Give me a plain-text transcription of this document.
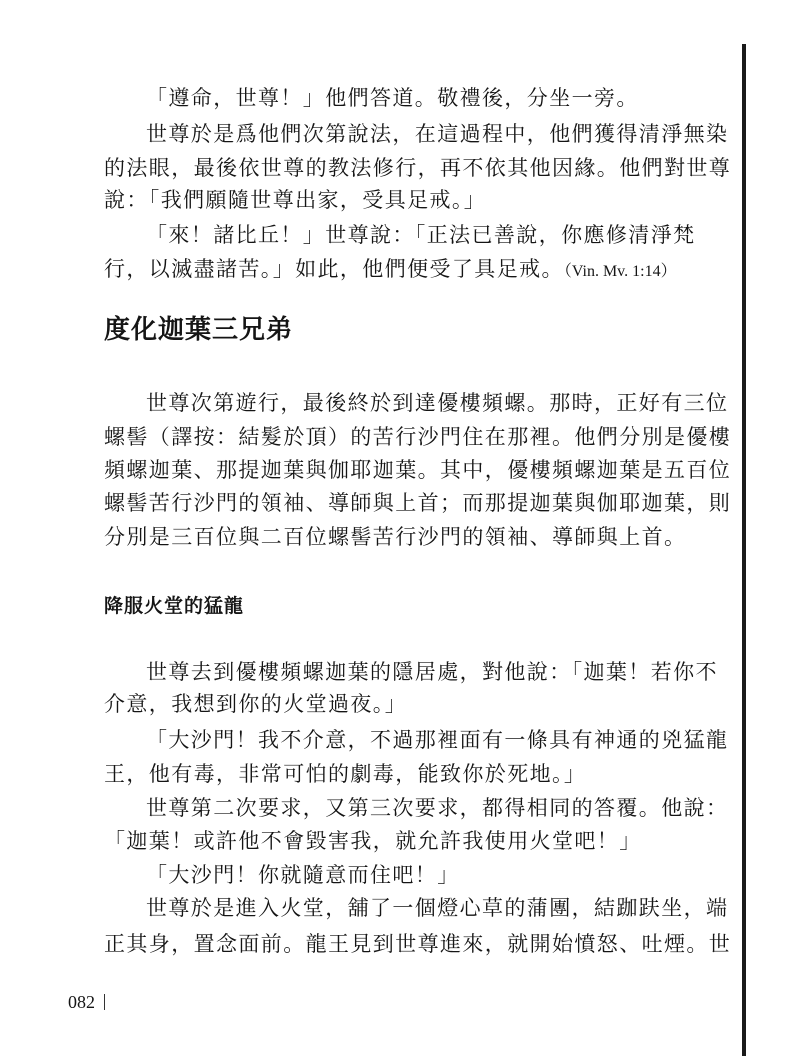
「遵命，世尊！」他們答道。敬禮後，分坐一旁。
世尊於是爲他們次第說法，在這過程中，他們獲得清淨無染
的法眼，最後依世尊的教法修行，再不依其他因緣。他們對世尊
說：「我們願隨世尊出家，受具足戒。」
「來！諸比丘！」世尊說：「正法已善說，你應修清淨梵
行，以滅盡諸苦。」如此，他們便受了具足戒。（Vin. Mv. 1:14）
度化迦葉三兄弟
世尊次第遊行，最後終於到達優樓頻螺。那時，正好有三位
螺髻（譯按：結髮於頂）的苦行沙門住在那裡。他們分別是優樓
頻螺迦葉、那提迦葉與伽耶迦葉。其中，優樓頻螺迦葉是五百位
螺髻苦行沙門的領袖、導師與上首；而那提迦葉與伽耶迦葉，則
分別是三百位與二百位螺髻苦行沙門的領袖、導師與上首。
降服火堂的猛龍
世尊去到優樓頻螺迦葉的隱居處，對他說：「迦葉！若你不
介意，我想到你的火堂過夜。」
「大沙門！我不介意，不過那裡面有一條具有神通的兇猛龍
王，他有毒，非常可怕的劇毒，能致你於死地。」
世尊第二次要求，又第三次要求，都得相同的答覆。他說：
「迦葉！或許他不會毀害我，就允許我使用火堂吧！」
「大沙門！你就隨意而住吧！」
世尊於是進入火堂，舖了一個燈心草的蒲團，結跏趺坐，端
正其身，置念面前。龍王見到世尊進來，就開始憤怒、吐煙。世
082
